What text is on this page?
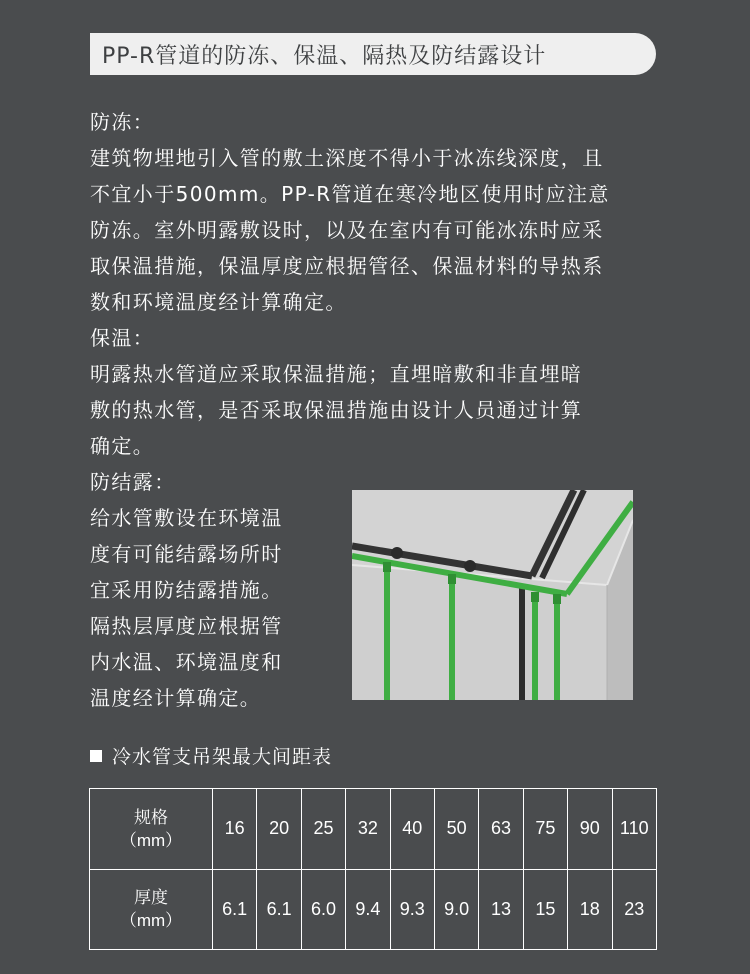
PP-R管道的防冻、保温、隔热及防结露设计

防冻：

建筑物埋地引入管的敷土深度不得小于冰冻线深度，且

不宜小于500mm。PP-R管道在寒冷地区使用时应注意

防冻。室外明露敷设时，以及在室内有可能冰冻时应采

取保温措施，保温厚度应根据管径、保温材料的导热系

数和环境温度经计算确定。

保温：

明露热水管道应采取保温措施；直埋暗敷和非直埋暗

敷的热水管，是否采取保温措施由设计人员通过计算

确定。

防结露：

给水管敷设在环境温

度有可能结露场所时

宜采用防结露措施。

隔热层厚度应根据管

内水温、环境温度和

温度经计算确定。

冷水管支吊架最大间距表
规格
（mm）	16	20	25	32	40	50	63	75	90	110
厚度
（mm）	6.1	6.1	6.0	9.4	9.3	9.0	13	15	18	23
